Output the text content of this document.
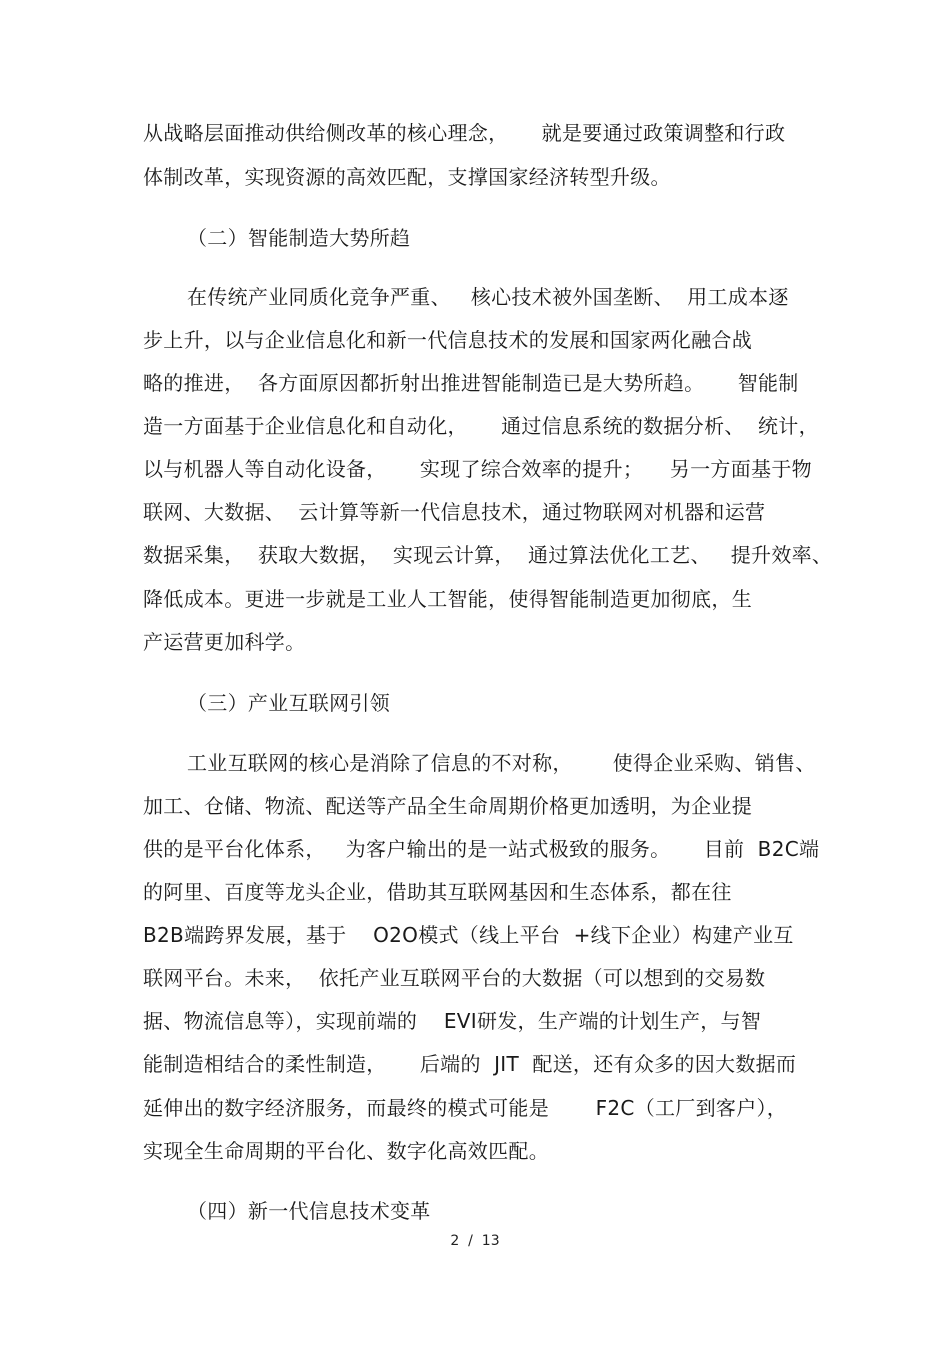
从战略层面推动供给侧改革的核心理念，     就是要通过政策调整和行政
体制改革，实现资源的高效匹配，支撑国家经济转型升级。
（二）智能制造大势所趋
在传统产业同质化竞争严重、   核心技术被外国垄断、  用工成本逐
步上升，以与企业信息化和新一代信息技术的发展和国家两化融合战
略的推进，  各方面原因都折射出推进智能制造已是大势所趋。     智能制
造一方面基于企业信息化和自动化，     通过信息系统的数据分析、  统计，
以与机器人等自动化设备，     实现了综合效率的提升；    另一方面基于物
联网、大数据、  云计算等新一代信息技术，通过物联网对机器和运营
数据采集，  获取大数据，  实现云计算，  通过算法优化工艺、   提升效率、
降低成本。更进一步就是工业人工智能，使得智能制造更加彻底，生
产运营更加科学。
（三）产业互联网引领
工业互联网的核心是消除了信息的不对称，      使得企业采购、销售、
加工、仓储、物流、配送等产品全生命周期价格更加透明，为企业提
供的是平台化体系，   为客户输出的是一站式极致的服务。     目前  B2C端
的阿里、百度等龙头企业，借助其互联网基因和生态体系，都在往
B2B端跨界发展，基于    O2O模式（线上平台  +线下企业）构建产业互
联网平台。未来，  依托产业互联网平台的大数据（可以想到的交易数
据、物流信息等），实现前端的    EVI研发，生产端的计划生产，与智
能制造相结合的柔性制造，     后端的  JIT  配送，还有众多的因大数据而
延伸出的数字经济服务，而最终的模式可能是       F2C（工厂到客户），
实现全生命周期的平台化、数字化高效匹配。
（四）新一代信息技术变革
2  /  13
